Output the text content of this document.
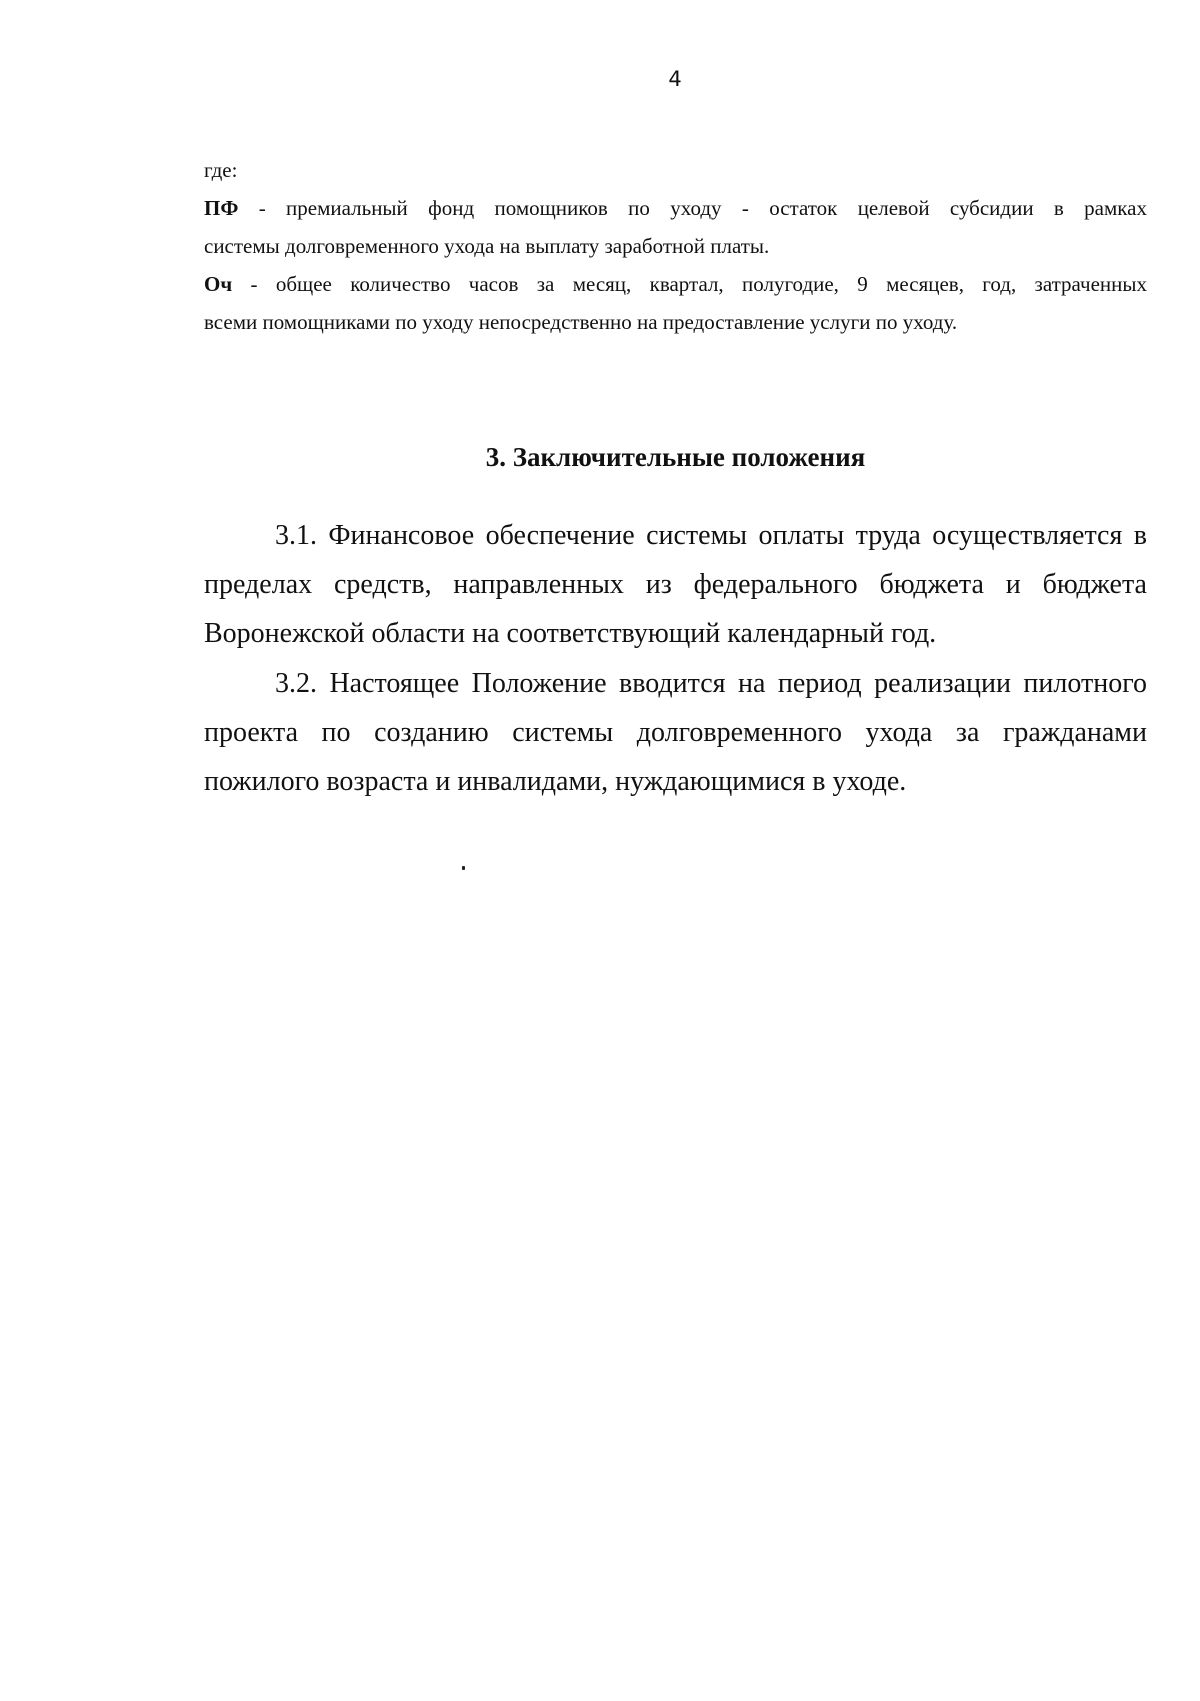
4
где:
ПФ - премиальный фонд помощников по уходу - остаток целевой субсидии в рамках
системы долговременного ухода на выплату заработной платы.
Оч - общее количество часов за месяц, квартал, полугодие, 9 месяцев, год, затраченных
всеми помощниками по уходу непосредственно на предоставление услуги по уходу.
3. Заключительные положения
3.1. Финансовое обеспечение системы оплаты труда осуществляется в
пределах средств, направленных из федерального бюджета и бюджета
Воронежской области на соответствующий календарный год.
3.2. Настоящее Положение вводится на период реализации пилотного
проекта по созданию системы долговременного ухода за гражданами
пожилого возраста и инвалидами, нуждающимися в уходе.
